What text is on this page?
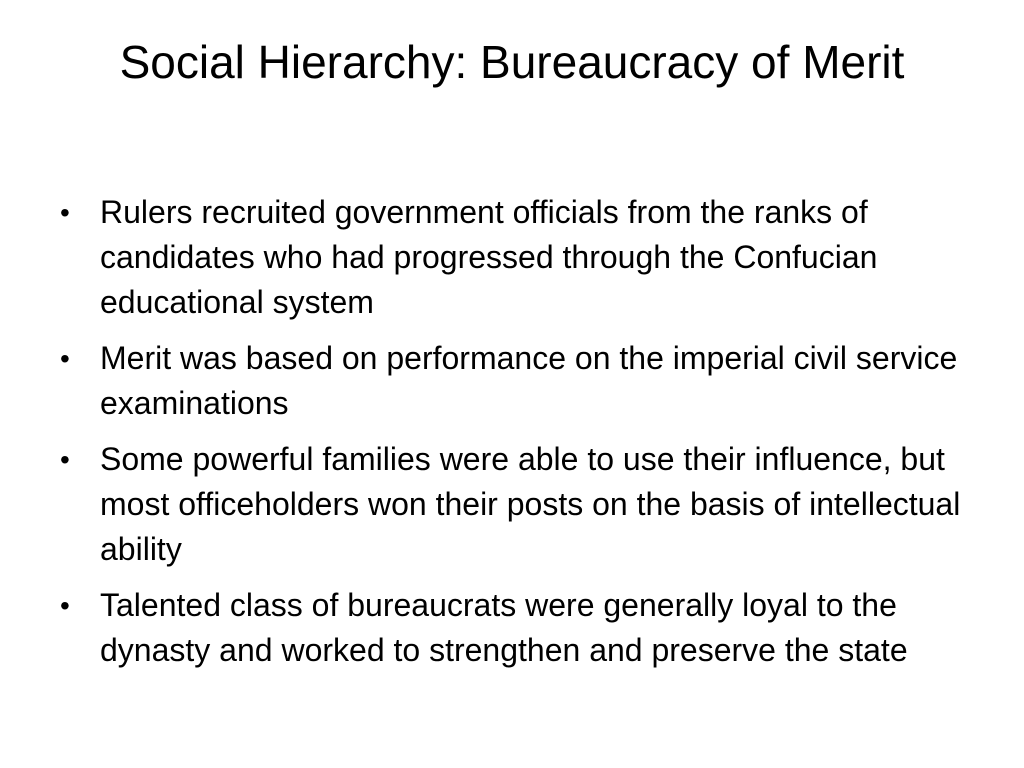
Social Hierarchy: Bureaucracy of Merit
• Rulers recruited government officials from the ranks of candidates who had progressed through the Confucian educational system
• Merit was based on performance on the imperial civil service examinations
• Some powerful families were able to use their influence, but most officeholders won their posts on the basis of intellectual ability
• Talented class of bureaucrats were generally loyal to the dynasty and worked to strengthen and preserve the state
